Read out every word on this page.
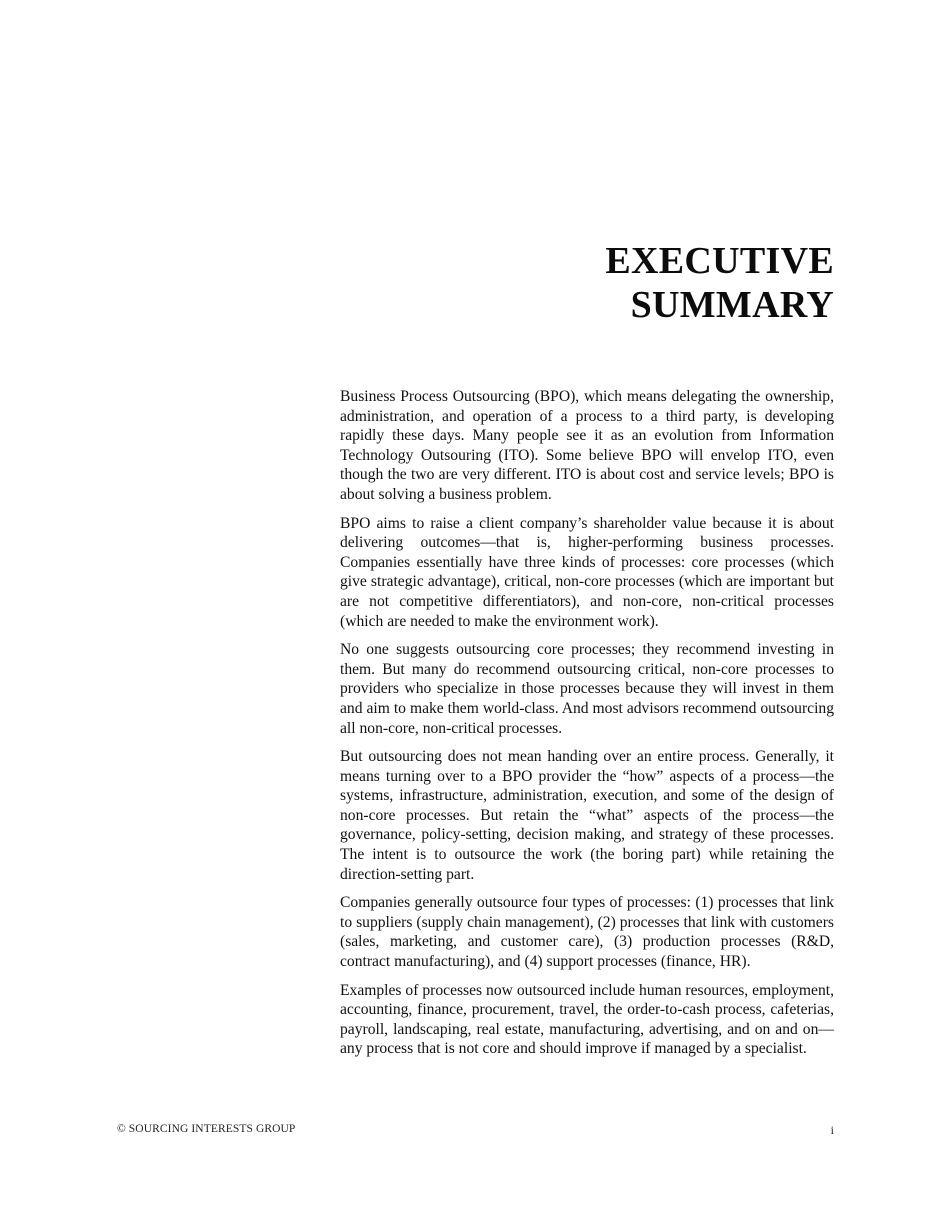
EXECUTIVE
SUMMARY

Business Process Outsourcing (BPO), which means delegating the ownership, administration, and operation of a process to a third party, is developing rapidly these days. Many people see it as an evolution from Information Technology Outsouring (ITO). Some believe BPO will envelop ITO, even though the two are very different. ITO is about cost and service levels; BPO is about solving a business problem.

BPO aims to raise a client company’s shareholder value because it is about delivering outcomes—that is, higher-performing business processes. Companies essentially have three kinds of processes: core processes (which give strategic advantage), critical, non-core processes (which are important but are not competitive differentiators), and non-core, non-critical processes (which are needed to make the environment work).

No one suggests outsourcing core processes; they recommend investing in them. But many do recommend outsourcing critical, non-core processes to providers who specialize in those processes because they will invest in them and aim to make them world-class. And most advisors recommend outsourcing all non-core, non-critical processes.

But outsourcing does not mean handing over an entire process. Generally, it means turning over to a BPO provider the “how” aspects of a process—the systems, infrastructure, administration, execution, and some of the design of non-core processes. But retain the “what” aspects of the process—the governance, policy-setting, decision making, and strategy of these processes. The intent is to outsource the work (the boring part) while retaining the direction-setting part.

Companies generally outsource four types of processes: (1) processes that link to suppliers (supply chain management), (2) processes that link with customers (sales, marketing, and customer care), (3) production processes (R&D, contract manufacturing), and (4) support processes (finance, HR).

Examples of processes now outsourced include human resources, employment, accounting, finance, procurement, travel, the order-to-cash process, cafeterias, payroll, landscaping, real estate, manufacturing, advertising, and on and on—any process that is not core and should improve if managed by a specialist.

© SOURCING INTERESTS GROUP	i
